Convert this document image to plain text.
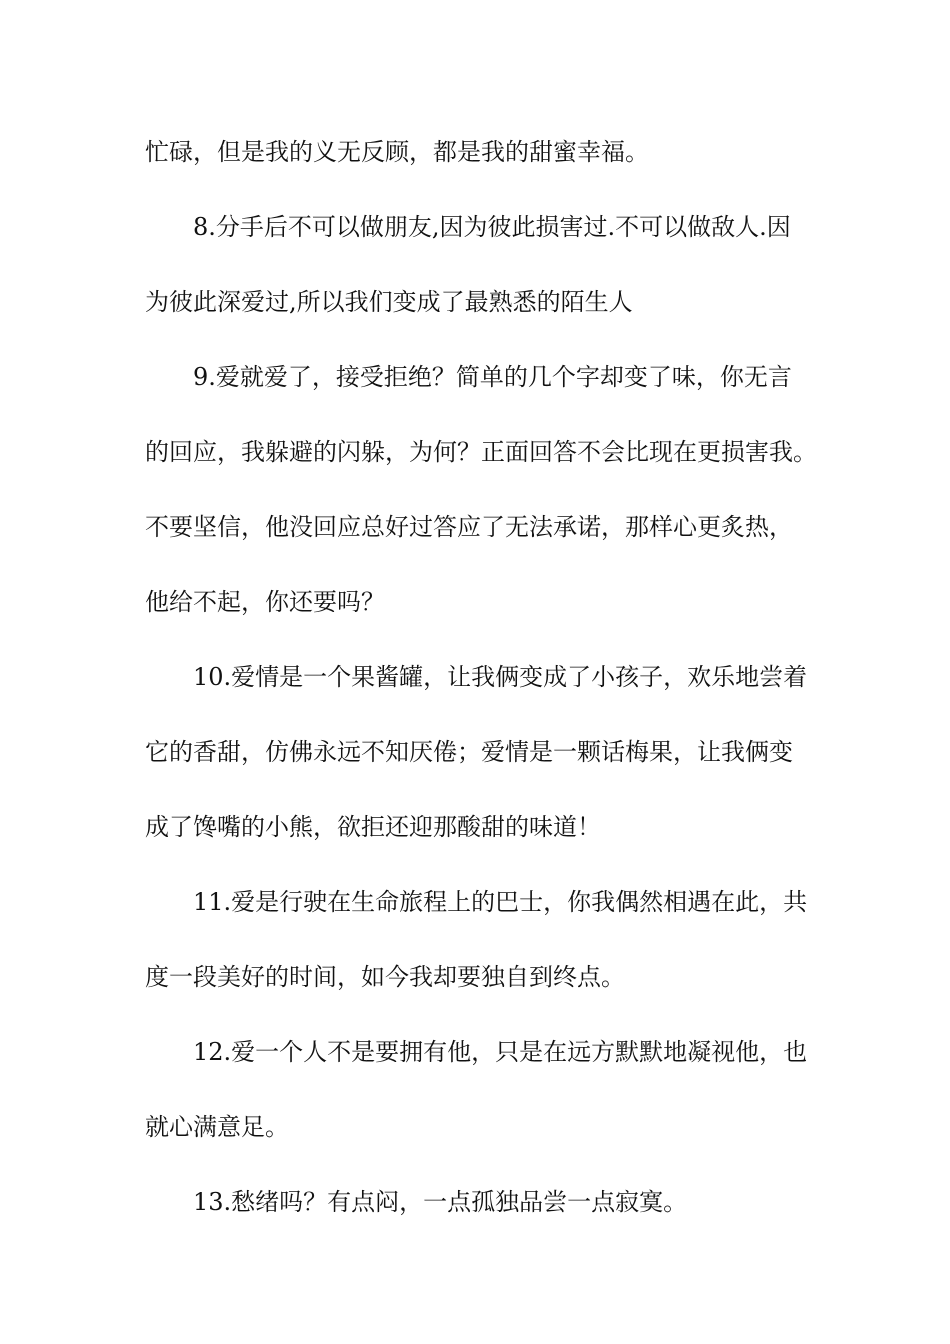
忙碌，但是我的义无反顾，都是我的甜蜜幸福。
8.分手后不可以做朋友,因为彼此损害过.不可以做敌人.因
为彼此深爱过,所以我们变成了最熟悉的陌生人
9.爱就爱了，接受拒绝？简单的几个字却变了味，你无言
的回应，我躲避的闪躲，为何？正面回答不会比现在更损害我。
不要坚信，他没回应总好过答应了无法承诺，那样心更炙热，
他给不起，你还要吗？
10.爱情是一个果酱罐，让我俩变成了小孩子，欢乐地尝着
它的香甜，仿佛永远不知厌倦；爱情是一颗话梅果，让我俩变
成了馋嘴的小熊，欲拒还迎那酸甜的味道！
11.爱是行驶在生命旅程上的巴士，你我偶然相遇在此，共
度一段美好的时间，如今我却要独自到终点。
12.爱一个人不是要拥有他，只是在远方默默地凝视他，也
就心满意足。
13.愁绪吗？有点闷，一点孤独品尝一点寂寞。
